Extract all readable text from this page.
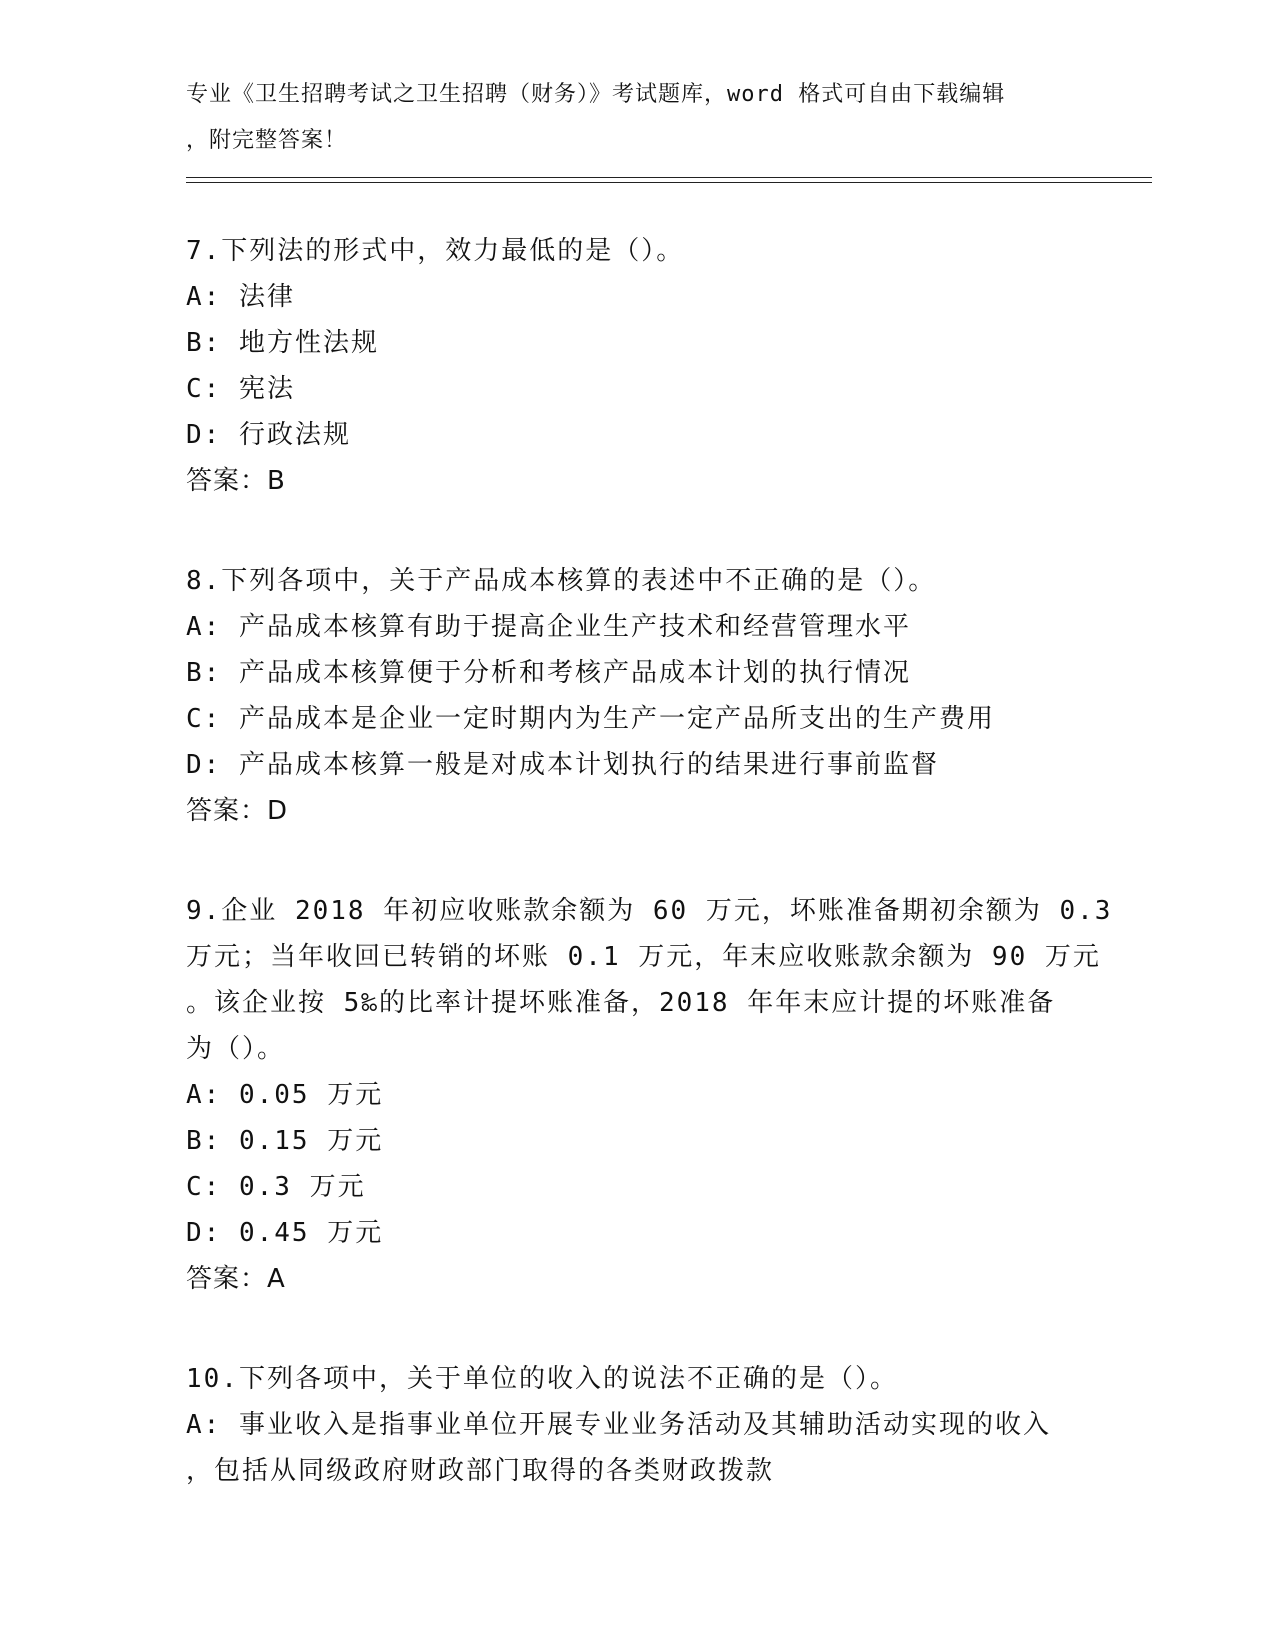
专业《卫生招聘考试之卫生招聘（财务）》考试题库，word 格式可自由下载编辑
，附完整答案！
7.下列法的形式中，效力最低的是（）。
A: 法律
B: 地方性法规
C: 宪法
D: 行政法规
答案：B
8.下列各项中，关于产品成本核算的表述中不正确的是（）。
A: 产品成本核算有助于提高企业生产技术和经营管理水平
B: 产品成本核算便于分析和考核产品成本计划的执行情况
C: 产品成本是企业一定时期内为生产一定产品所支出的生产费用
D: 产品成本核算一般是对成本计划执行的结果进行事前监督
答案：D
9.企业 2018 年初应收账款余额为 60 万元，坏账准备期初余额为 0.3
万元；当年收回已转销的坏账 0.1 万元，年末应收账款余额为 90 万元
。该企业按 5‰的比率计提坏账准备，2018 年年末应计提的坏账准备
为（）。
A: 0.05 万元
B: 0.15 万元
C: 0.3 万元
D: 0.45 万元
答案：A
10.下列各项中，关于单位的收入的说法不正确的是（）。
A: 事业收入是指事业单位开展专业业务活动及其辅助活动实现的收入
，包括从同级政府财政部门取得的各类财政拨款
